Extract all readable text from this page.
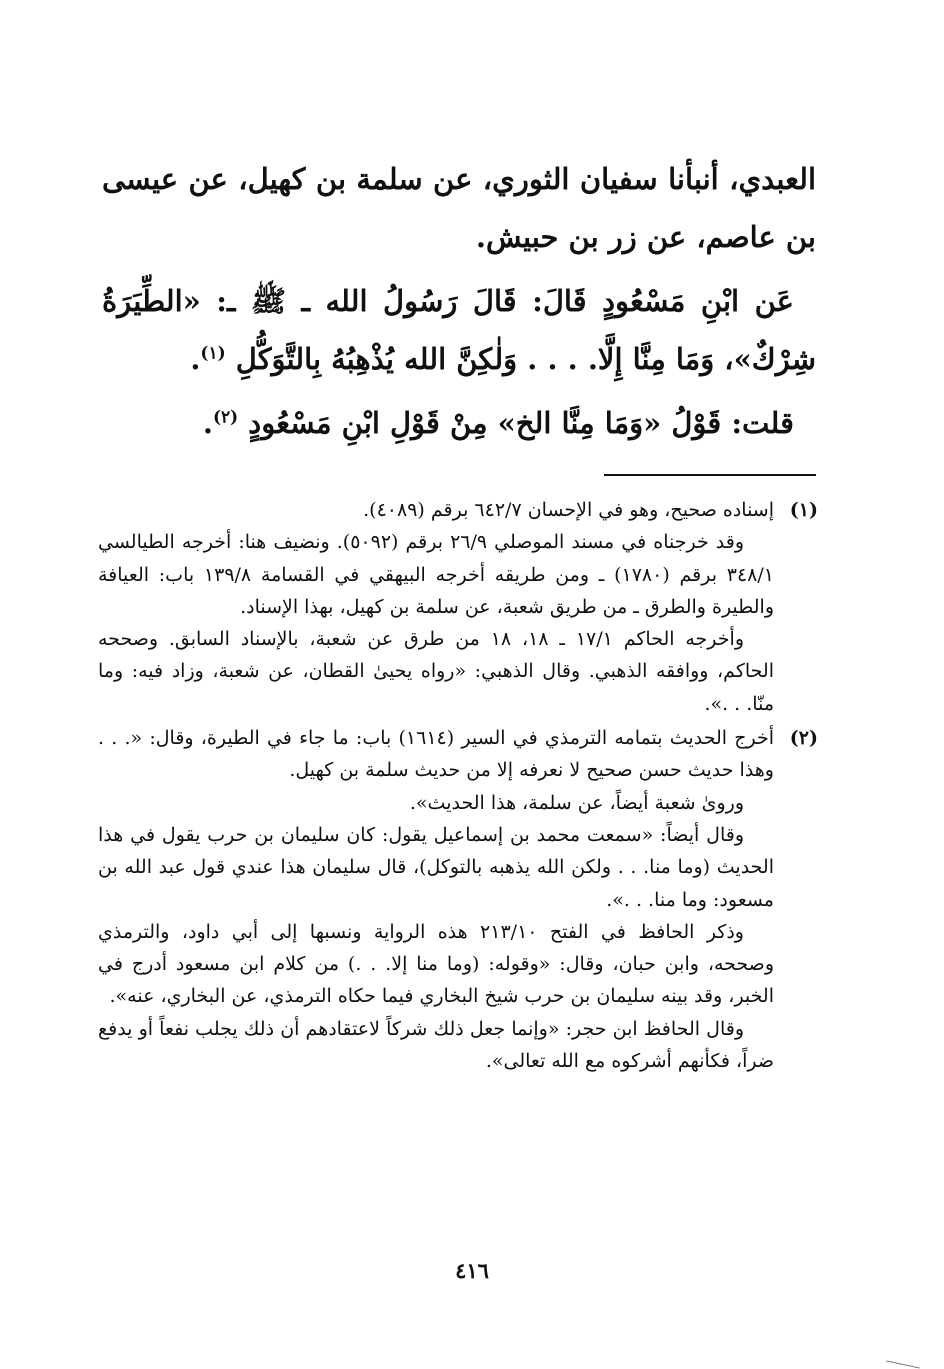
العبدي، أنبأنا سفيان الثوري، عن سلمة بن كهيل، عن عيسى بن عاصم، عن زر بن حبيش.

عَن ابْنِ مَسْعُودٍ قَالَ: قَالَ رَسُولُ الله ـ ﷺ ـ: «الطِّيَرَةُ شِرْكٌ»، وَمَا مِنَّا إِلَّا. . . . وَلٰكِنَّ الله يُذْهِبُهُ بِالتَّوَكُّلِ $^{(١)}$.

قلت: قَوْلُ «وَمَا مِنَّا الخ» مِنْ قَوْلِ ابْنِ مَسْعُودٍ $^{(٢)}$.

(١)

إسناده صحيح، وهو في الإحسان ٦٤٢/٧ برقم (٤٠٨٩).

وقد خرجناه في مسند الموصلي ٢٦/٩ برقم (٥٠٩٢). ونضيف هنا: أخرجه الطيالسي ٣٤٨/١ برقم (١٧٨٠) ـ ومن طريقه أخرجه البيهقي في القسامة ١٣٩/٨ باب: العيافة والطيرة والطرق ـ من طريق شعبة، عن سلمة بن كهيل، بهذا الإسناد.

وأخرجه الحاكم ١٧/١ ـ ١٨، ١٨ من طرق عن شعبة، بالإسناد السابق. وصححه الحاكم، ووافقه الذهبي. وقال الذهبي: «رواه يحيىٰ القطان، عن شعبة، وزاد فيه: وما منّا. . .».

(٢)

أخرج الحديث بتمامه الترمذي في السير (١٦١٤) باب: ما جاء في الطيرة، وقال: «. . . وهذا حديث حسن صحيح لا نعرفه إلا من حديث سلمة بن كهيل.

وروىٰ شعبة أيضاً، عن سلمة، هذا الحديث».

وقال أيضاً: «سمعت محمد بن إسماعيل يقول: كان سليمان بن حرب يقول في هذا الحديث (وما منا. . . ولكن الله يذهبه بالتوكل)، قال سليمان هذا عندي قول عبد الله بن مسعود: وما منا. . .».

وذكر الحافظ في الفتح ٢١٣/١٠ هذه الرواية ونسبها إلى أبي داود، والترمذي وصححه، وابن حبان، وقال: «وقوله: (وما منا إلا. . .) من كلام ابن مسعود أدرج في الخبر، وقد بينه سليمان بن حرب شيخ البخاري فيما حكاه الترمذي، عن البخاري، عنه».

وقال الحافظ ابن حجر: «وإنما جعل ذلك شركاً لاعتقادهم أن ذلك يجلب نفعاً أو يدفع ضراً، فكأنهم أشركوه مع الله تعالى».

٤١٦
